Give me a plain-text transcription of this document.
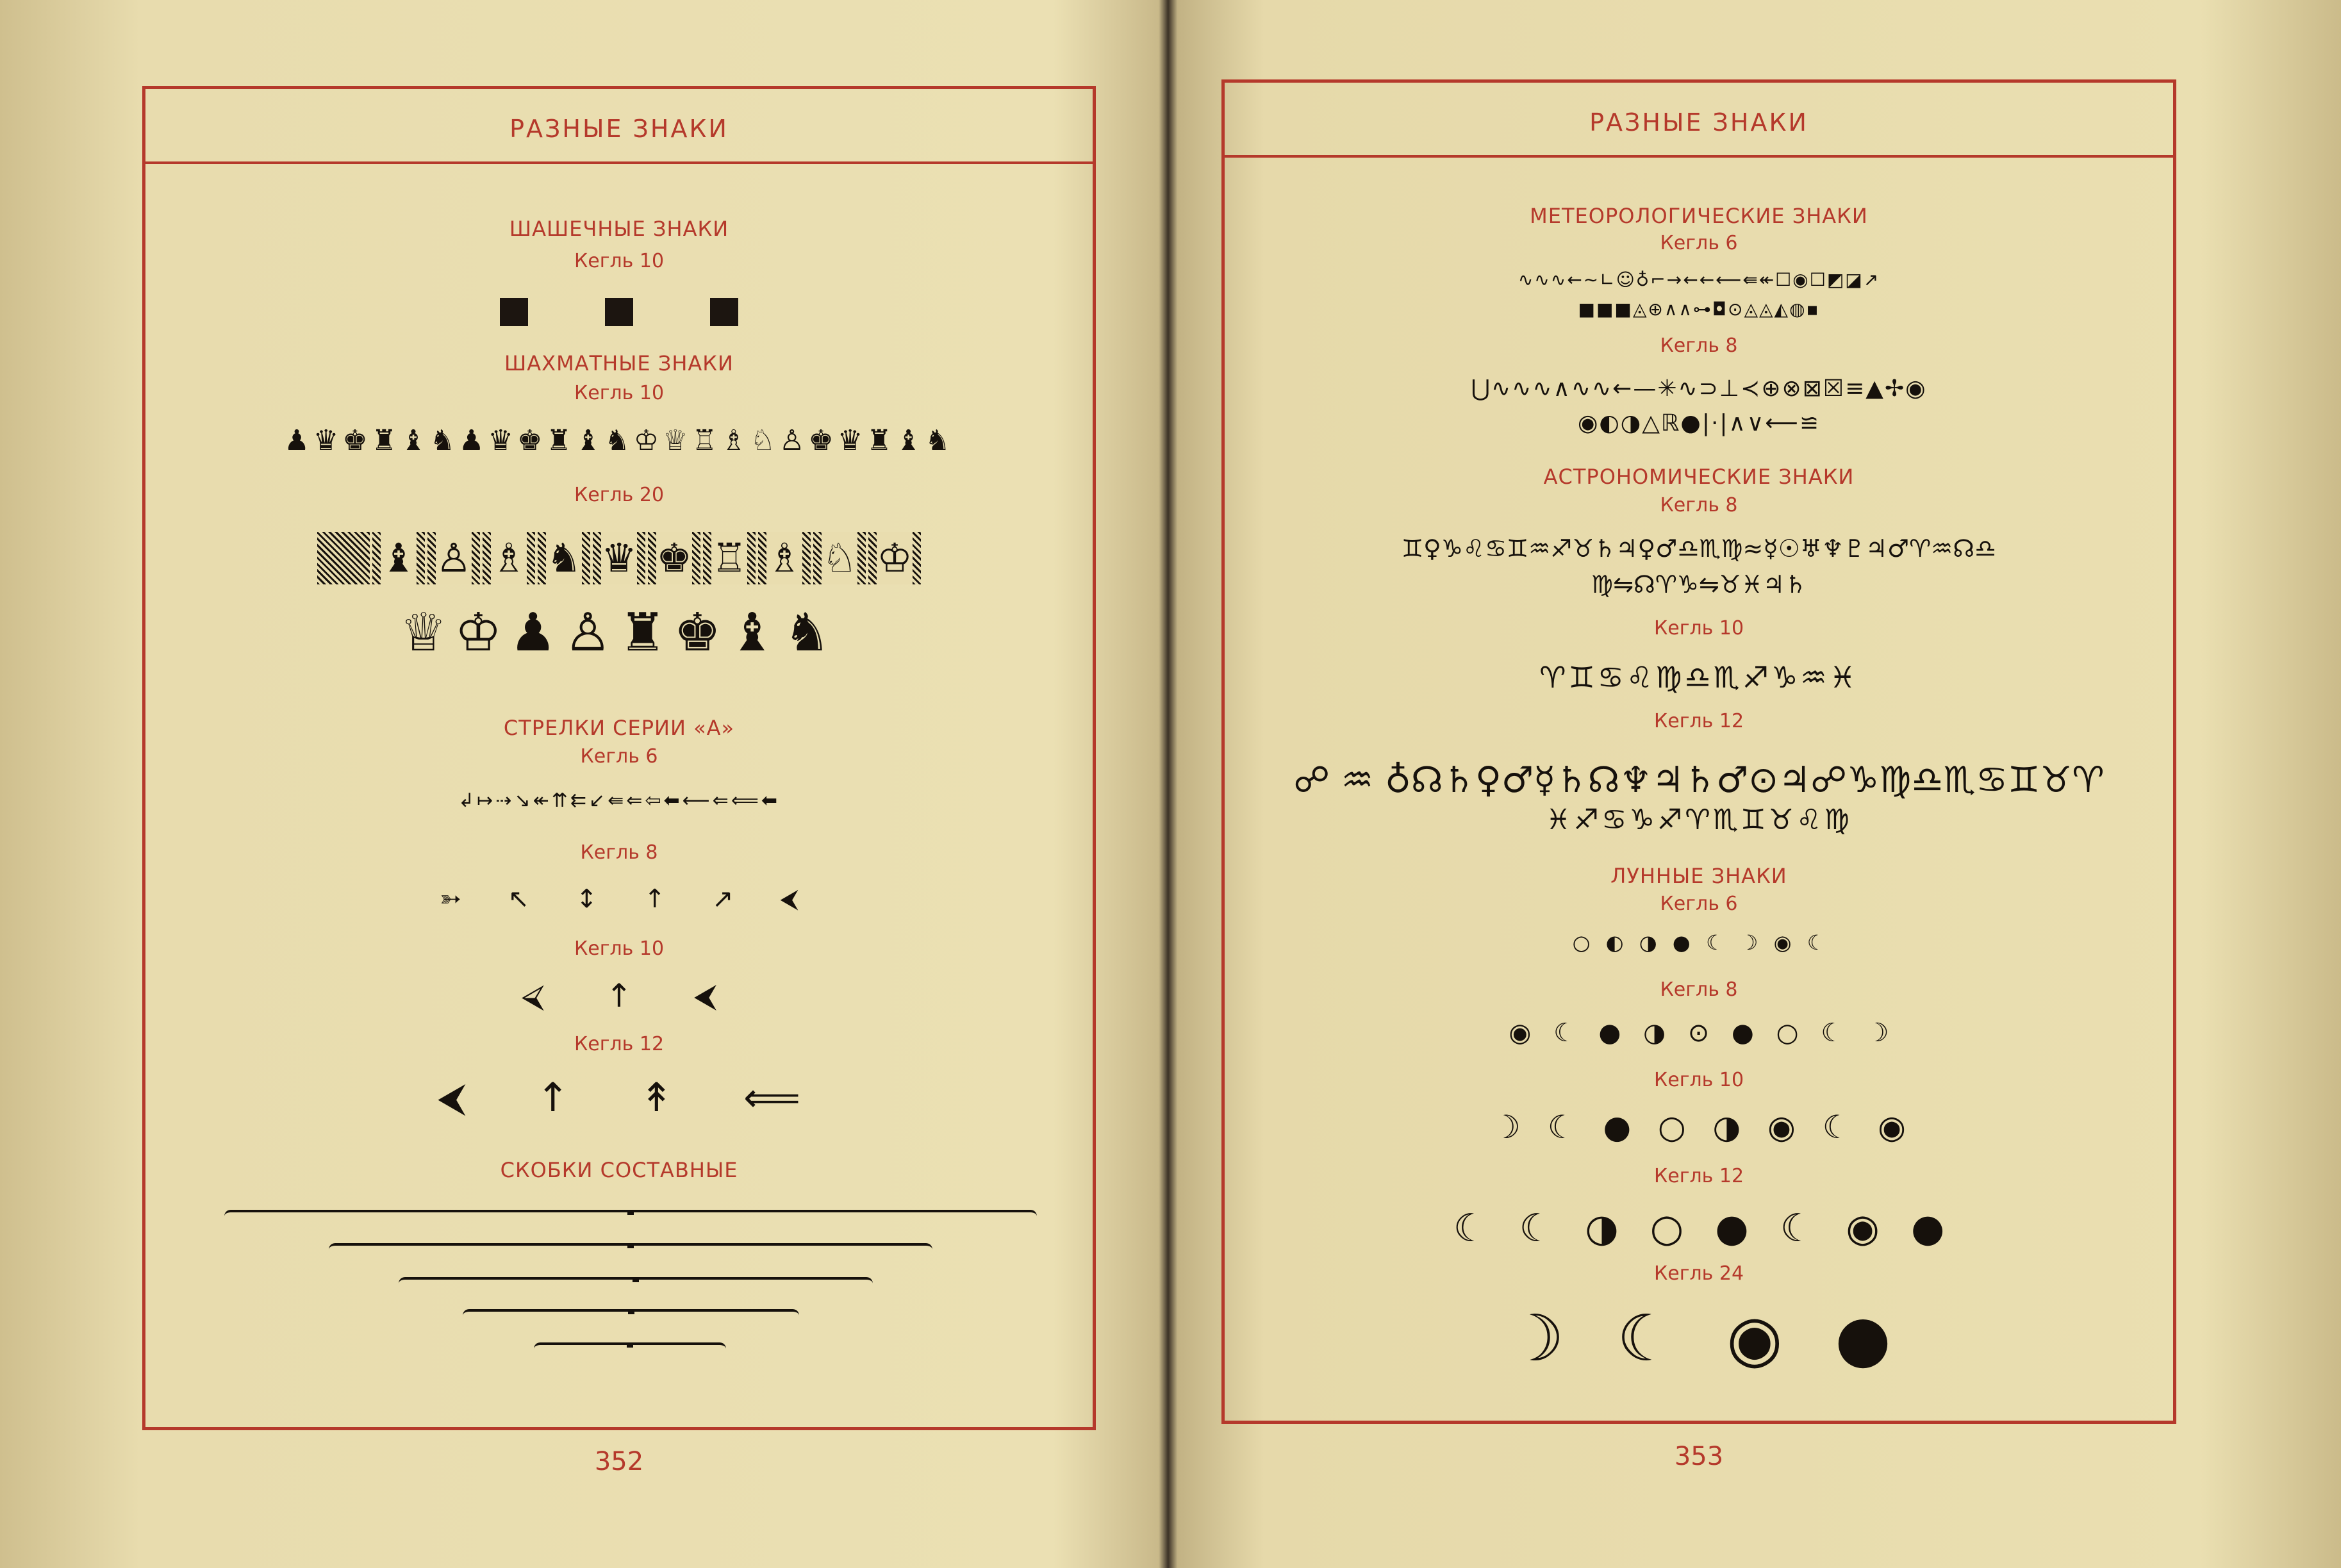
РАЗНЫЕ ЗНАКИ
ШАШЕЧНЫЕ ЗНАКИ
Кегль 10
ШАХМАТНЫЕ ЗНАКИ
Кегль 10
♟♛♚♜♝♞♟♛♚♜♝♞♔♕♖♗♘♙♚♛♜♝♞
Кегль 20
♝ ♙ ♗ ♞ ♛ ♚ ♖ ♗ ♘ ♔
♕♔♟♙♜♚♝♞
СТРЕЛКИ СЕРИИ «А»
Кегль 6
↲↦⇢↘↞⇈⇇↙⇚⇐⇦⬅⟵⇐⟸⬅
Кегль 8
➳ ↖ ↕ ↑ ↗ ⮜
Кегль 10
⮘ ↑ ⮜
Кегль 12
⮜ ↑ ↟ ⟸
СКОБКИ СОСТАВНЫЕ
352
РАЗНЫЕ ЗНАКИ
МЕТЕОРОЛОГИЧЕСКИЕ ЗНАКИ
Кегль 6
∿∿∿←∼∟☺♁⌐→←←⟵⇚↞☐◉☐◩◪↗
■■■◬⊕∧∧⊶◘⊙◬◬◭◍▪
Кегль 8
⋃∿∿∿∧∿∿←—✳∿⊃⊥≺⊕⊗⊠☒≡▲✢◉
◉◐◑△ℝ●|·|∧∨⟵≌
АСТРОНОМИЧЕСКИЕ ЗНАКИ
Кегль 8
♊♀♑♌♋♊♒♐♉♄♃♀♂♎♏♍≈☿☉♅♆♇♃♂♈♒☊♎
♍⇋☊♈♑⇋♉♓♃♄
Кегль 10
♈♊♋♌♍♎♏♐♑♒♓
Кегль 12
☍ ♒ ♁☊♄♀♂☿♄☊♆♃♄♂⊙♃☍♑♍♎♏♋♊♉♈
♓♐♋♑♐♈♏♊♉♌♍
ЛУННЫЕ ЗНАКИ
Кегль 6
○ ◐ ◑ ● ☾ ☽ ◉ ☾
Кегль 8
◉ ☾ ● ◑ ⊙ ● ○ ☾ ☽
Кегль 10
☽ ☾ ● ○ ◑ ◉ ☾ ◉
Кегль 12
☾ ☾ ◑ ○ ● ☾ ◉ ●
Кегль 24
☽ ☾ ◉ ●
353
